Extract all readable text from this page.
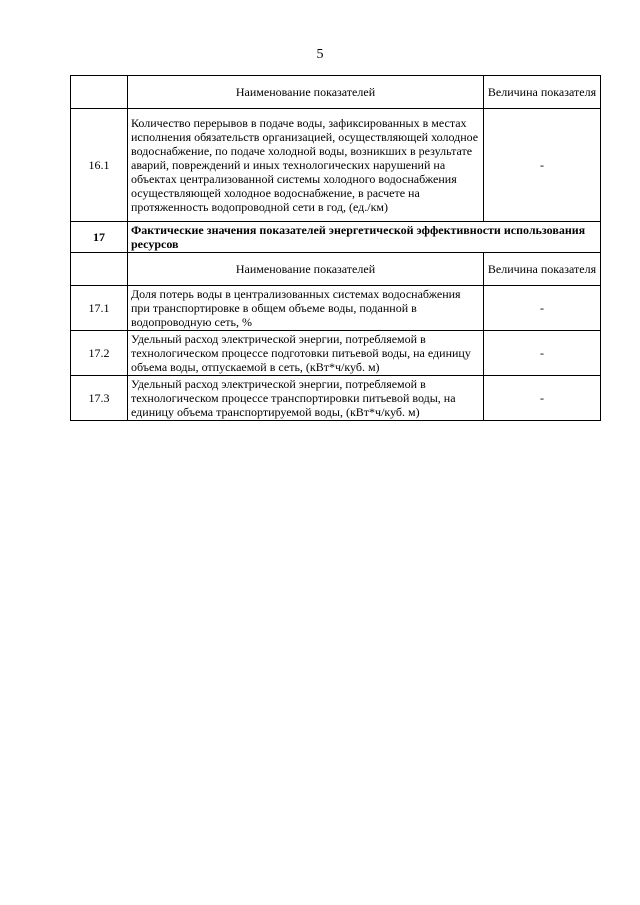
5
	Наименование показателей	Величина показателя
16.1	Количество перерывов в подаче воды, зафиксированных в местах исполнения обязательств организацией, осуществляющей холодное водоснабжение, по подаче холодной воды, возникших в результате аварий, повреждений и иных технологических нарушений на объектах централизованной системы холодного водоснабжения осуществляющей холодное водоснабжение, в расчете на протяженность водопроводной сети в год, (ед./км)	-
17	Фактические значения показателей энергетической эффективности использования ресурсов	
	Наименование показателей	Величина показателя
17.1	Доля потерь воды в централизованных системах водоснабжения при транспортировке в общем объеме воды, поданной в водопроводную сеть, %	-
17.2	Удельный расход электрической энергии, потребляемой в технологическом процессе подготовки питьевой воды, на единицу объема воды, отпускаемой в сеть, (кВт*ч/куб. м)	-
17.3	Удельный расход электрической энергии, потребляемой в технологическом процессе транспортировки питьевой воды, на единицу объема транспортируемой воды, (кВт*ч/куб. м)	-
